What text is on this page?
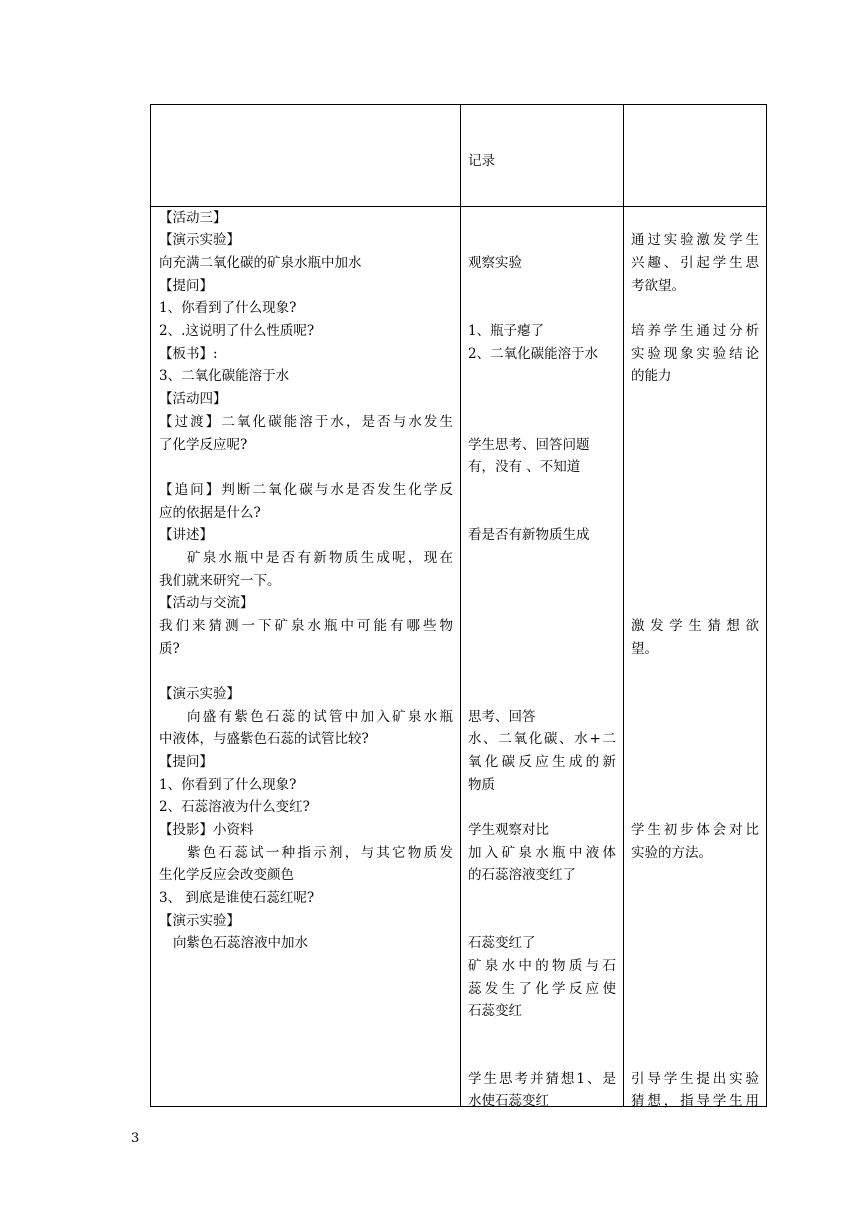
记录
【活动三】
【演示实验】
向充满二氧化碳的矿泉水瓶中加水
【提问】
1、你看到了什么现象?
2、.这说明了什么性质呢?
【板书】:
3、二氧化碳能溶于水
【活动四】
【过渡】二氧化碳能溶于水，是否与水发生
了化学反应呢?
【追问】判断二氧化碳与水是否发生化学反
应的依据是什么?
【讲述】
矿泉水瓶中是否有新物质生成呢，现在
我们就来研究一下。
【活动与交流】
我们来猜测一下矿泉水瓶中可能有哪些物
质?
【演示实验】
向盛有紫色石蕊的试管中加入矿泉水瓶
中液体，与盛紫色石蕊的试管比较?
【提问】
1、你看到了什么现象?
2、石蕊溶液为什么变红?
【投影】小资料
紫色石蕊试一种指示剂，与其它物质发
生化学反应会改变颜色
3、 到底是谁使石蕊红呢?
【演示实验】
向紫色石蕊溶液中加水
观察实验
1、瓶子瘪了
2、二氧化碳能溶于水
学生思考、回答问题
有，没有 、不知道
看是否有新物质生成
思考、回答
水、二氧化碳、水+二
氧化碳反应生成的新
物质
学生观察对比
加入矿泉水瓶中液体
的石蕊溶液变红了
石蕊变红了
矿泉水中的物质与石
蕊发生了化学反应使
石蕊变红
学生思考并猜想1、是
水使石蕊变红
通过实验激发学生
兴趣、引起学生思
考欲望。
培养学生通过分析
实验现象实验结论
的能力
激发学生猜想欲
望。
学生初步体会对比
实验的方法。
引导学生提出实验
猜想，指导学生用
3
